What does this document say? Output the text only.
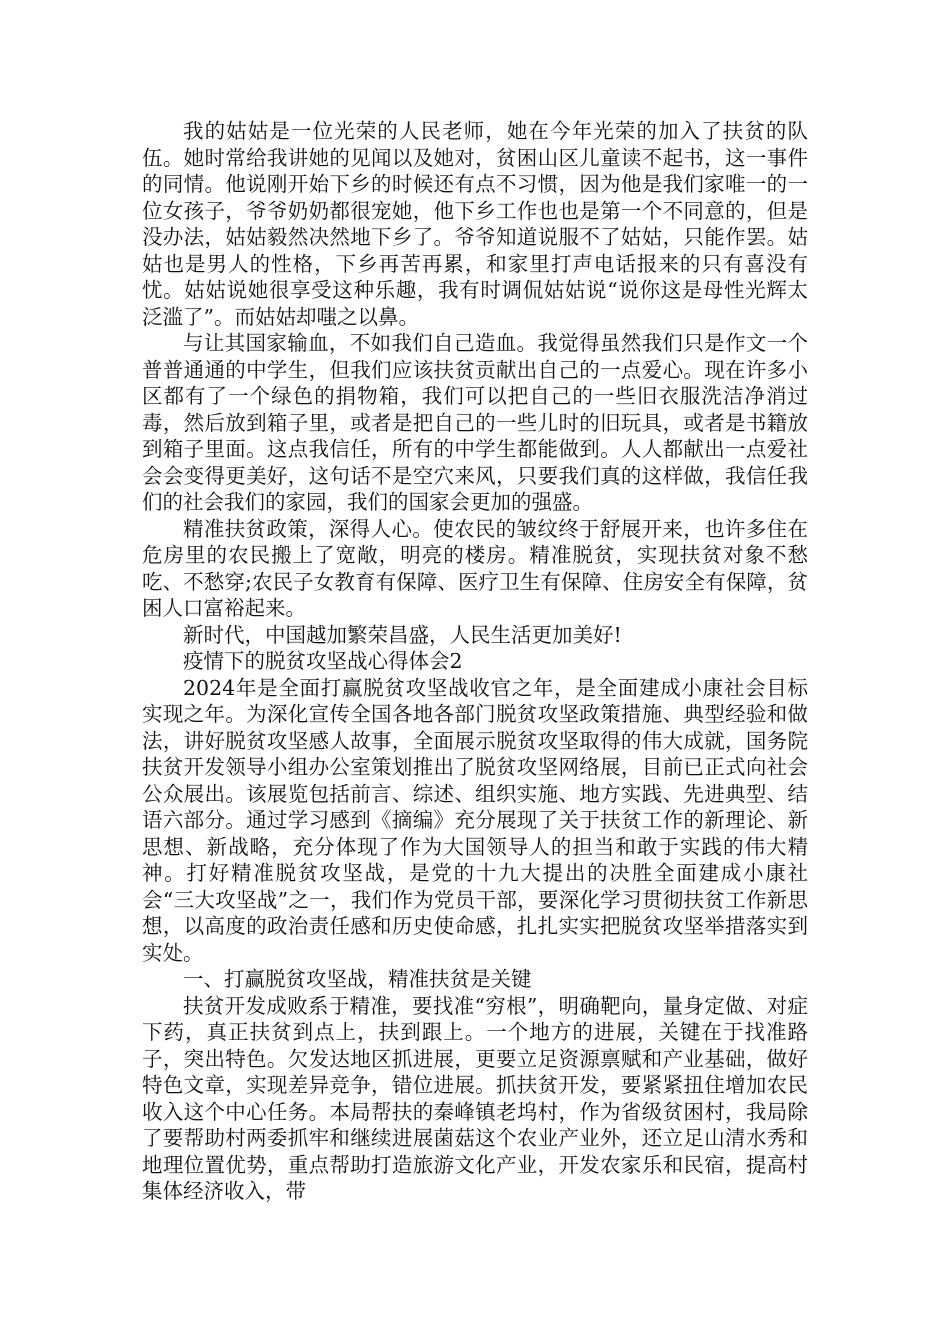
我的姑姑是一位光荣的人民老师，她在今年光荣的加入了扶贫的队伍。她时常给我讲她的见闻以及她对，贫困山区儿童读不起书，这一事件的同情。他说刚开始下乡的时候还有点不习惯，因为他是我们家唯一的一位女孩子，爷爷奶奶都很宠她，他下乡工作也也是第一个不同意的，但是没办法，姑姑毅然决然地下乡了。爷爷知道说服不了姑姑，只能作罢。姑姑也是男人的性格，下乡再苦再累，和家里打声电话报来的只有喜没有忧。姑姑说她很享受这种乐趣，我有时调侃姑姑说“说你这是母性光辉太泛滥了”。而姑姑却嗤之以鼻。

与让其国家输血，不如我们自己造血。我觉得虽然我们只是作文一个普普通通的中学生，但我们应该扶贫贡献出自己的一点爱心。现在许多小区都有了一个绿色的捐物箱，我们可以把自己的一些旧衣服洗洁净消过毒，然后放到箱子里，或者是把自己的一些儿时的旧玩具，或者是书籍放到箱子里面。这点我信任，所有的中学生都能做到。人人都献出一点爱社会会变得更美好，这句话不是空穴来风，只要我们真的这样做，我信任我们的社会我们的家园，我们的国家会更加的强盛。

精准扶贫政策，深得人心。使农民的皱纹终于舒展开来，也许多住在危房里的农民搬上了宽敞，明亮的楼房。精准脱贫，实现扶贫对象不愁吃、不愁穿;农民子女教育有保障、医疗卫生有保障、住房安全有保障，贫困人口富裕起来。

新时代，中国越加繁荣昌盛，人民生活更加美好!

疫情下的脱贫攻坚战心得体会2

2024年是全面打赢脱贫攻坚战收官之年，是全面建成小康社会目标实现之年。为深化宣传全国各地各部门脱贫攻坚政策措施、典型经验和做法，讲好脱贫攻坚感人故事，全面展示脱贫攻坚取得的伟大成就，国务院扶贫开发领导小组办公室策划推出了脱贫攻坚网络展，目前已正式向社会公众展出。该展览包括前言、综述、组织实施、地方实践、先进典型、结语六部分。通过学习感到《摘编》充分展现了关于扶贫工作的新理论、新思想、新战略，充分体现了作为大国领导人的担当和敢于实践的伟大精神。打好精准脱贫攻坚战，是党的十九大提出的决胜全面建成小康社会“三大攻坚战”之一，我们作为党员干部，要深化学习贯彻扶贫工作新思想，以高度的政治责任感和历史使命感，扎扎实实把脱贫攻坚举措落实到实处。

一、打赢脱贫攻坚战，精准扶贫是关键

扶贫开发成败系于精准，要找准“穷根”，明确靶向，量身定做、对症下药，真正扶贫到点上，扶到跟上。一个地方的进展，关键在于找准路子，突出特色。欠发达地区抓进展，更要立足资源禀赋和产业基础，做好特色文章，实现差异竞争，错位进展。抓扶贫开发，要紧紧扭住增加农民收入这个中心任务。本局帮扶的秦峰镇老坞村，作为省级贫困村，我局除了要帮助村两委抓牢和继续进展菌菇这个农业产业外，还立足山清水秀和地理位置优势，重点帮助打造旅游文化产业，开发农家乐和民宿，提高村集体经济收入，带
